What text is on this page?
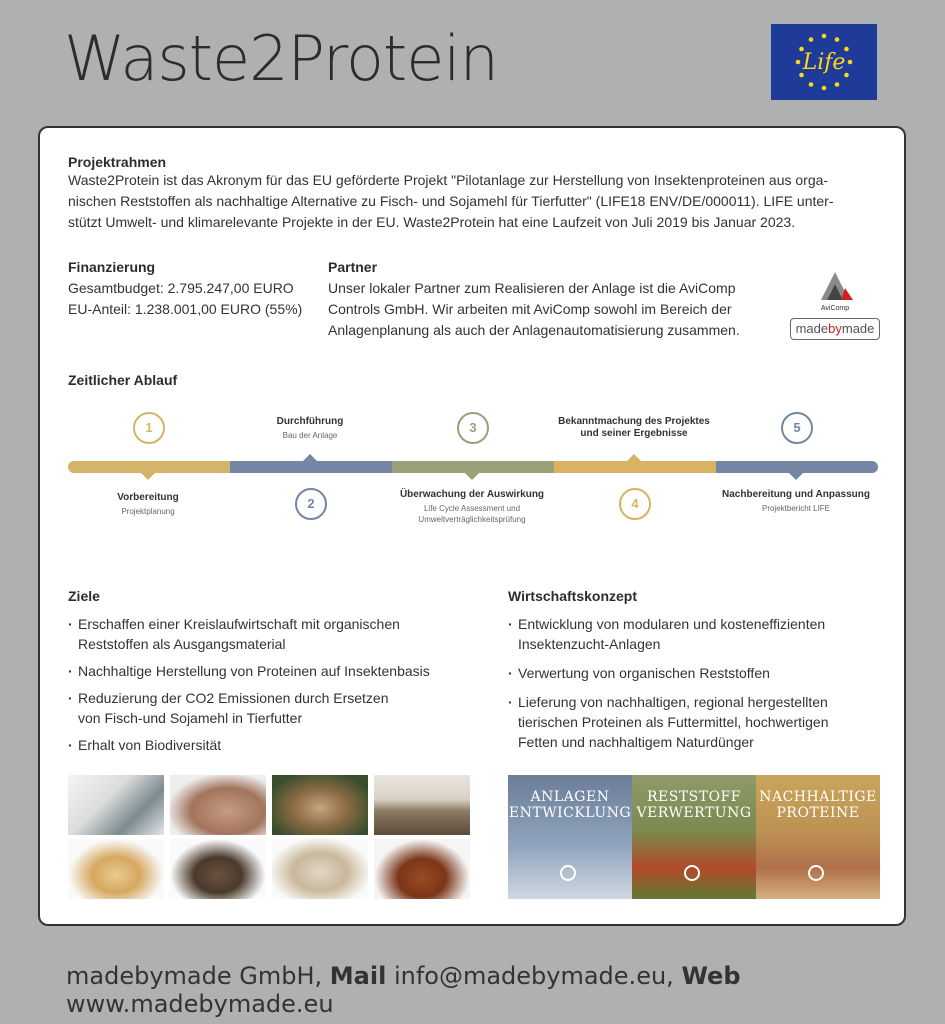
Waste2Protein	Life
Projektrahmen

Waste2Protein ist das Akronym für das EU geförderte Projekt "Pilotanlage zur Herstellung von Insektenproteinen aus orga-

nischen Reststoffen als nachhaltige Alternative zu Fisch- und Sojamehl für Tierfutter" (LIFE18 ENV/DE/000011). LIFE unter-

stützt Umwelt- und klimarelevante Projekte in der EU. Waste2Protein hat eine Laufzeit von Juli 2019 bis Januar 2023.

Finanzierung

Gesamtbudget: 2.795.247,00 EURO

EU-Anteil: 1.238.001,00 EURO (55%)

Partner

Unser lokaler Partner zum Realisieren der Anlage ist die AviComp

Controls GmbH. Wir arbeiten mit AviComp sowohl im Bereich der

Anlagenplanung als auch der Anlagenautomatisierung zusammen.

AviComp
madebymade
Zeitlicher Ablauf
1
2
3
4
5
Vorbereitung
Projektplanung
Durchführung
Bau der Anlage
Überwachung der Auswirkung
Life Cycle Assessment und
Umweltverträglichkeitsprüfung
Bekanntmachung des Projektes
und seiner Ergebnisse
Nachbereitung und Anpassung
Projektbericht LIFE
Ziele
· Erschaffen einer Kreislaufwirtschaft mit organischen
Reststoffen als Ausgangsmaterial
· Nachhaltige Herstellung von Proteinen auf Insektenbasis
· Reduzierung der CO2 Emissionen durch Ersetzen
von Fisch-und Sojamehl in Tierfutter
· Erhalt von Biodiversität
Wirtschaftskonzept
· Entwicklung von modularen und kosteneffizienten
Insektenzucht-Anlagen
· Verwertung von organischen Reststoffen
· Lieferung von nachhaltigen, regional hergestellten
tierischen Proteinen als Futtermittel, hochwertigen
Fetten und nachhaltigem Naturdünger
ANLAGEN
ENTWICKLUNG
RESTSTOFF
VERWERTUNG
NACHHALTIGE
PROTEINE
madebymade GmbH, Mail info@madebymade.eu, Web www.madebymade.eu
